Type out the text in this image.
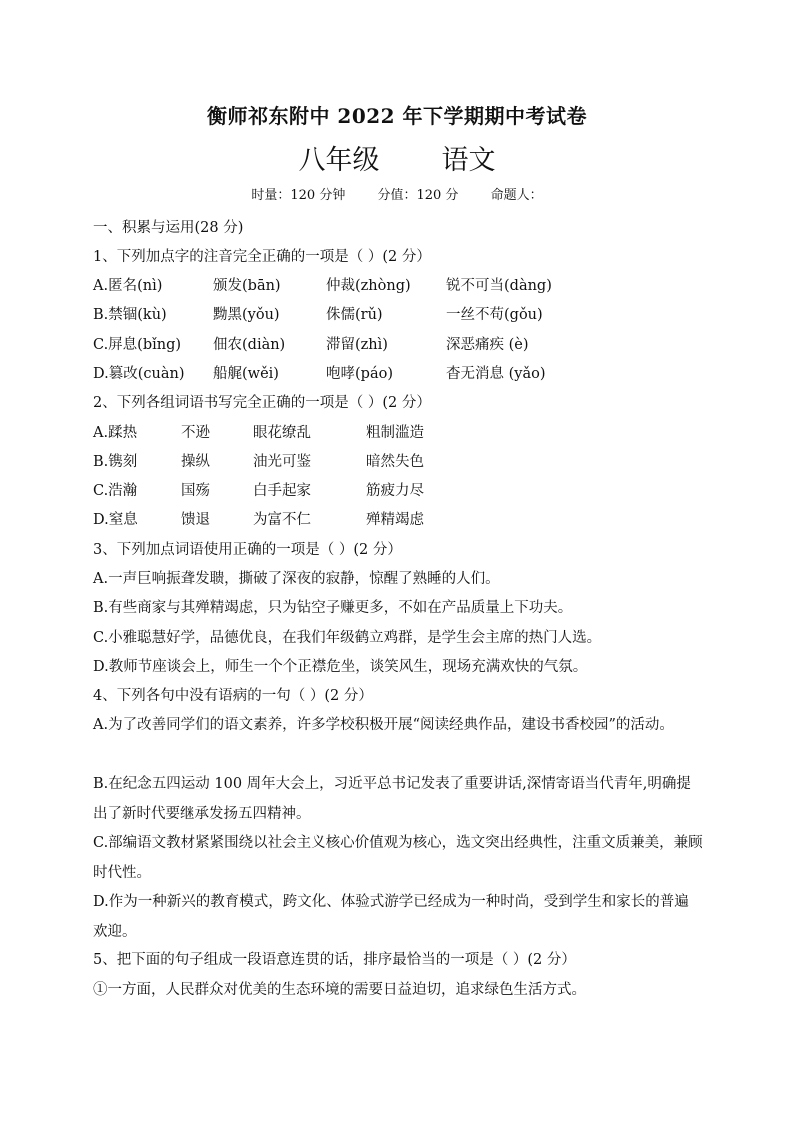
衡师祁东附中 2022 年下学期期中考试卷
八年级 语文
时量：120 分钟 分值：120 分 命题人：
一、积累与运用(28 分)
1、下列加点字的注音完全正确的一项是（ ）(2 分）
A.匿名(nì)	颁发(bān)	仲裁(zhòng) 锐不可当(dàng)
B.禁锢(kù)	黝黑(yǒu)	侏儒(rǔ)	一丝不苟(gǒu)
C.屏息(bǐng) 佃农(diàn)	滞留(zhì)	深恶痛疾 (è)
D.篡改(cuàn) 船艉(wěi)	咆哮(páo)	杳无消息 (yǎo)
2、下列各组词语书写完全正确的一项是（ ）(2 分）
A.蹂热	不逊	眼花缭乱	粗制滥造
B.镌刻	操纵	油光可鉴	暗然失色
C.浩瀚	国殇	白手起家	筋疲力尽
D.窒息	馈退	为富不仁	殚精竭虑
3、下列加点词语使用正确的一项是（ ）(2 分）
A.一声巨响振聋发聩，撕破了深夜的寂静，惊醒了熟睡的人们。
B.有些商家与其殚精竭虑，只为钻空子赚更多，不如在产品质量上下功夫。
C.小雅聪慧好学，品德优良，在我们年级鹤立鸡群，是学生会主席的热门人选。
D.教师节座谈会上，师生一个个正襟危坐，谈笑风生，现场充满欢快的气氛。
4、下列各句中没有语病的一句（ ）(2 分）
A.为了改善同学们的语文素养，许多学校积极开展“阅读经典作品，建设书香校园”的活动。
B.在纪念五四运动 100 周年大会上，习近平总书记发表了重要讲话,深情寄语当代青年,明确提出了新时代要继承发扬五四精神。
C.部编语文教材紧紧围绕以社会主义核心价值观为核心，选文突出经典性，注重文质兼美，兼顾时代性。
D.作为一种新兴的教育模式，跨文化、体验式游学已经成为一种时尚，受到学生和家长的普遍欢迎。
5、把下面的句子组成一段语意连贯的话，排序最恰当的一项是（ ）(2 分）
①一方面，人民群众对优美的生态环境的需要日益迫切，追求绿色生活方式。
